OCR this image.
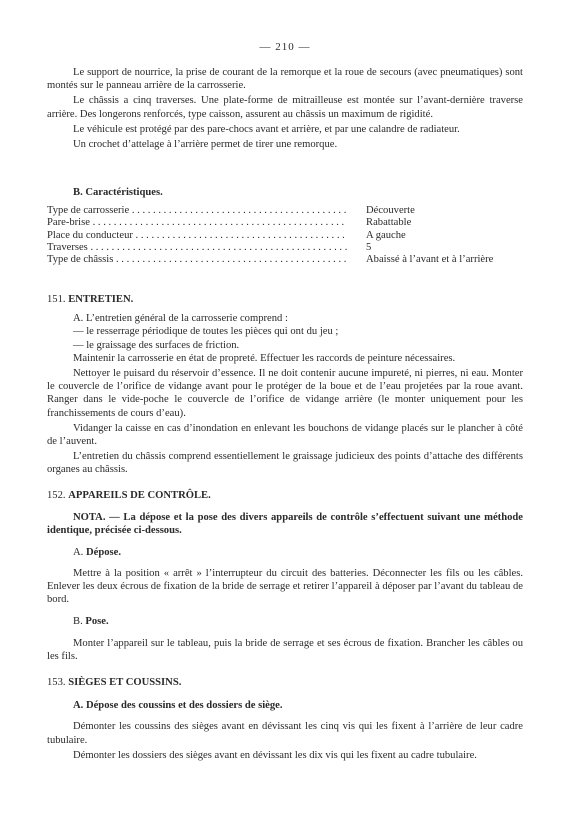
— 210 —

Le support de nourrice, la prise de courant de la remorque et la roue de secours (avec pneumatiques) sont montés sur le panneau arrière de la carrosserie.

Le châssis a cinq traverses. Une plate-forme de mitrailleuse est montée sur l’avant-dernière traverse arrière. Des longerons renforcés, type caisson, assurent au châssis un maximum de rigidité.

Le véhicule est protégé par des pare-chocs avant et arrière, et par une calandre de radiateur.

Un crochet d’attelage à l’arrière permet de tirer une remorque.

B. Caractéristiques.

Type de carrosserie . . .	Découverte
Pare-brise . . .	Rabattable
Place du conducteur . . .	A gauche
Traverses . . .	5
Type de châssis . . .	Abaissé à l’avant et à l’arrière

151. ENTRETIEN.

A. L’entretien général de la carrosserie comprend :

— le resserrage périodique de toutes les pièces qui ont du jeu ;

— le graissage des surfaces de friction.

Maintenir la carrosserie en état de propreté. Effectuer les raccords de peinture nécessaires.

Nettoyer le puisard du réservoir d’essence. Il ne doit contenir aucune impureté, ni pierres, ni eau. Monter le couvercle de l’orifice de vidange avant pour le protéger de la boue et de l’eau projetées par la roue avant. Ranger dans le vide-poche le couvercle de l’orifice de vidange arrière (le monter uniquement pour les franchissements de cours d’eau).

Vidanger la caisse en cas d’inondation en enlevant les bouchons de vidange placés sur le plancher à côté de l’auvent.

L’entretien du châssis comprend essentiellement le graissage judicieux des points d’attache des différents organes au châssis.

152. APPAREILS DE CONTRÔLE.

NOTA. — La dépose et la pose des divers appareils de contrôle s’effectuent suivant une méthode identique, précisée ci-dessous.

A. Dépose.

Mettre à la position « arrêt » l’interrupteur du circuit des batteries. Déconnecter les fils ou les câbles. Enlever les deux écrous de fixation de la bride de serrage et retirer l’appareil à déposer par l’avant du tableau de bord.

B. Pose.

Monter l’appareil sur le tableau, puis la bride de serrage et ses écrous de fixation. Brancher les câbles ou les fils.

153. SIÈGES ET COUSSINS.

A. Dépose des coussins et des dossiers de siège.

Démonter les coussins des sièges avant en dévissant les cinq vis qui les fixent à l’arrière de leur cadre tubulaire.

Démonter les dossiers des sièges avant en dévissant les dix vis qui les fixent au cadre tubulaire.
